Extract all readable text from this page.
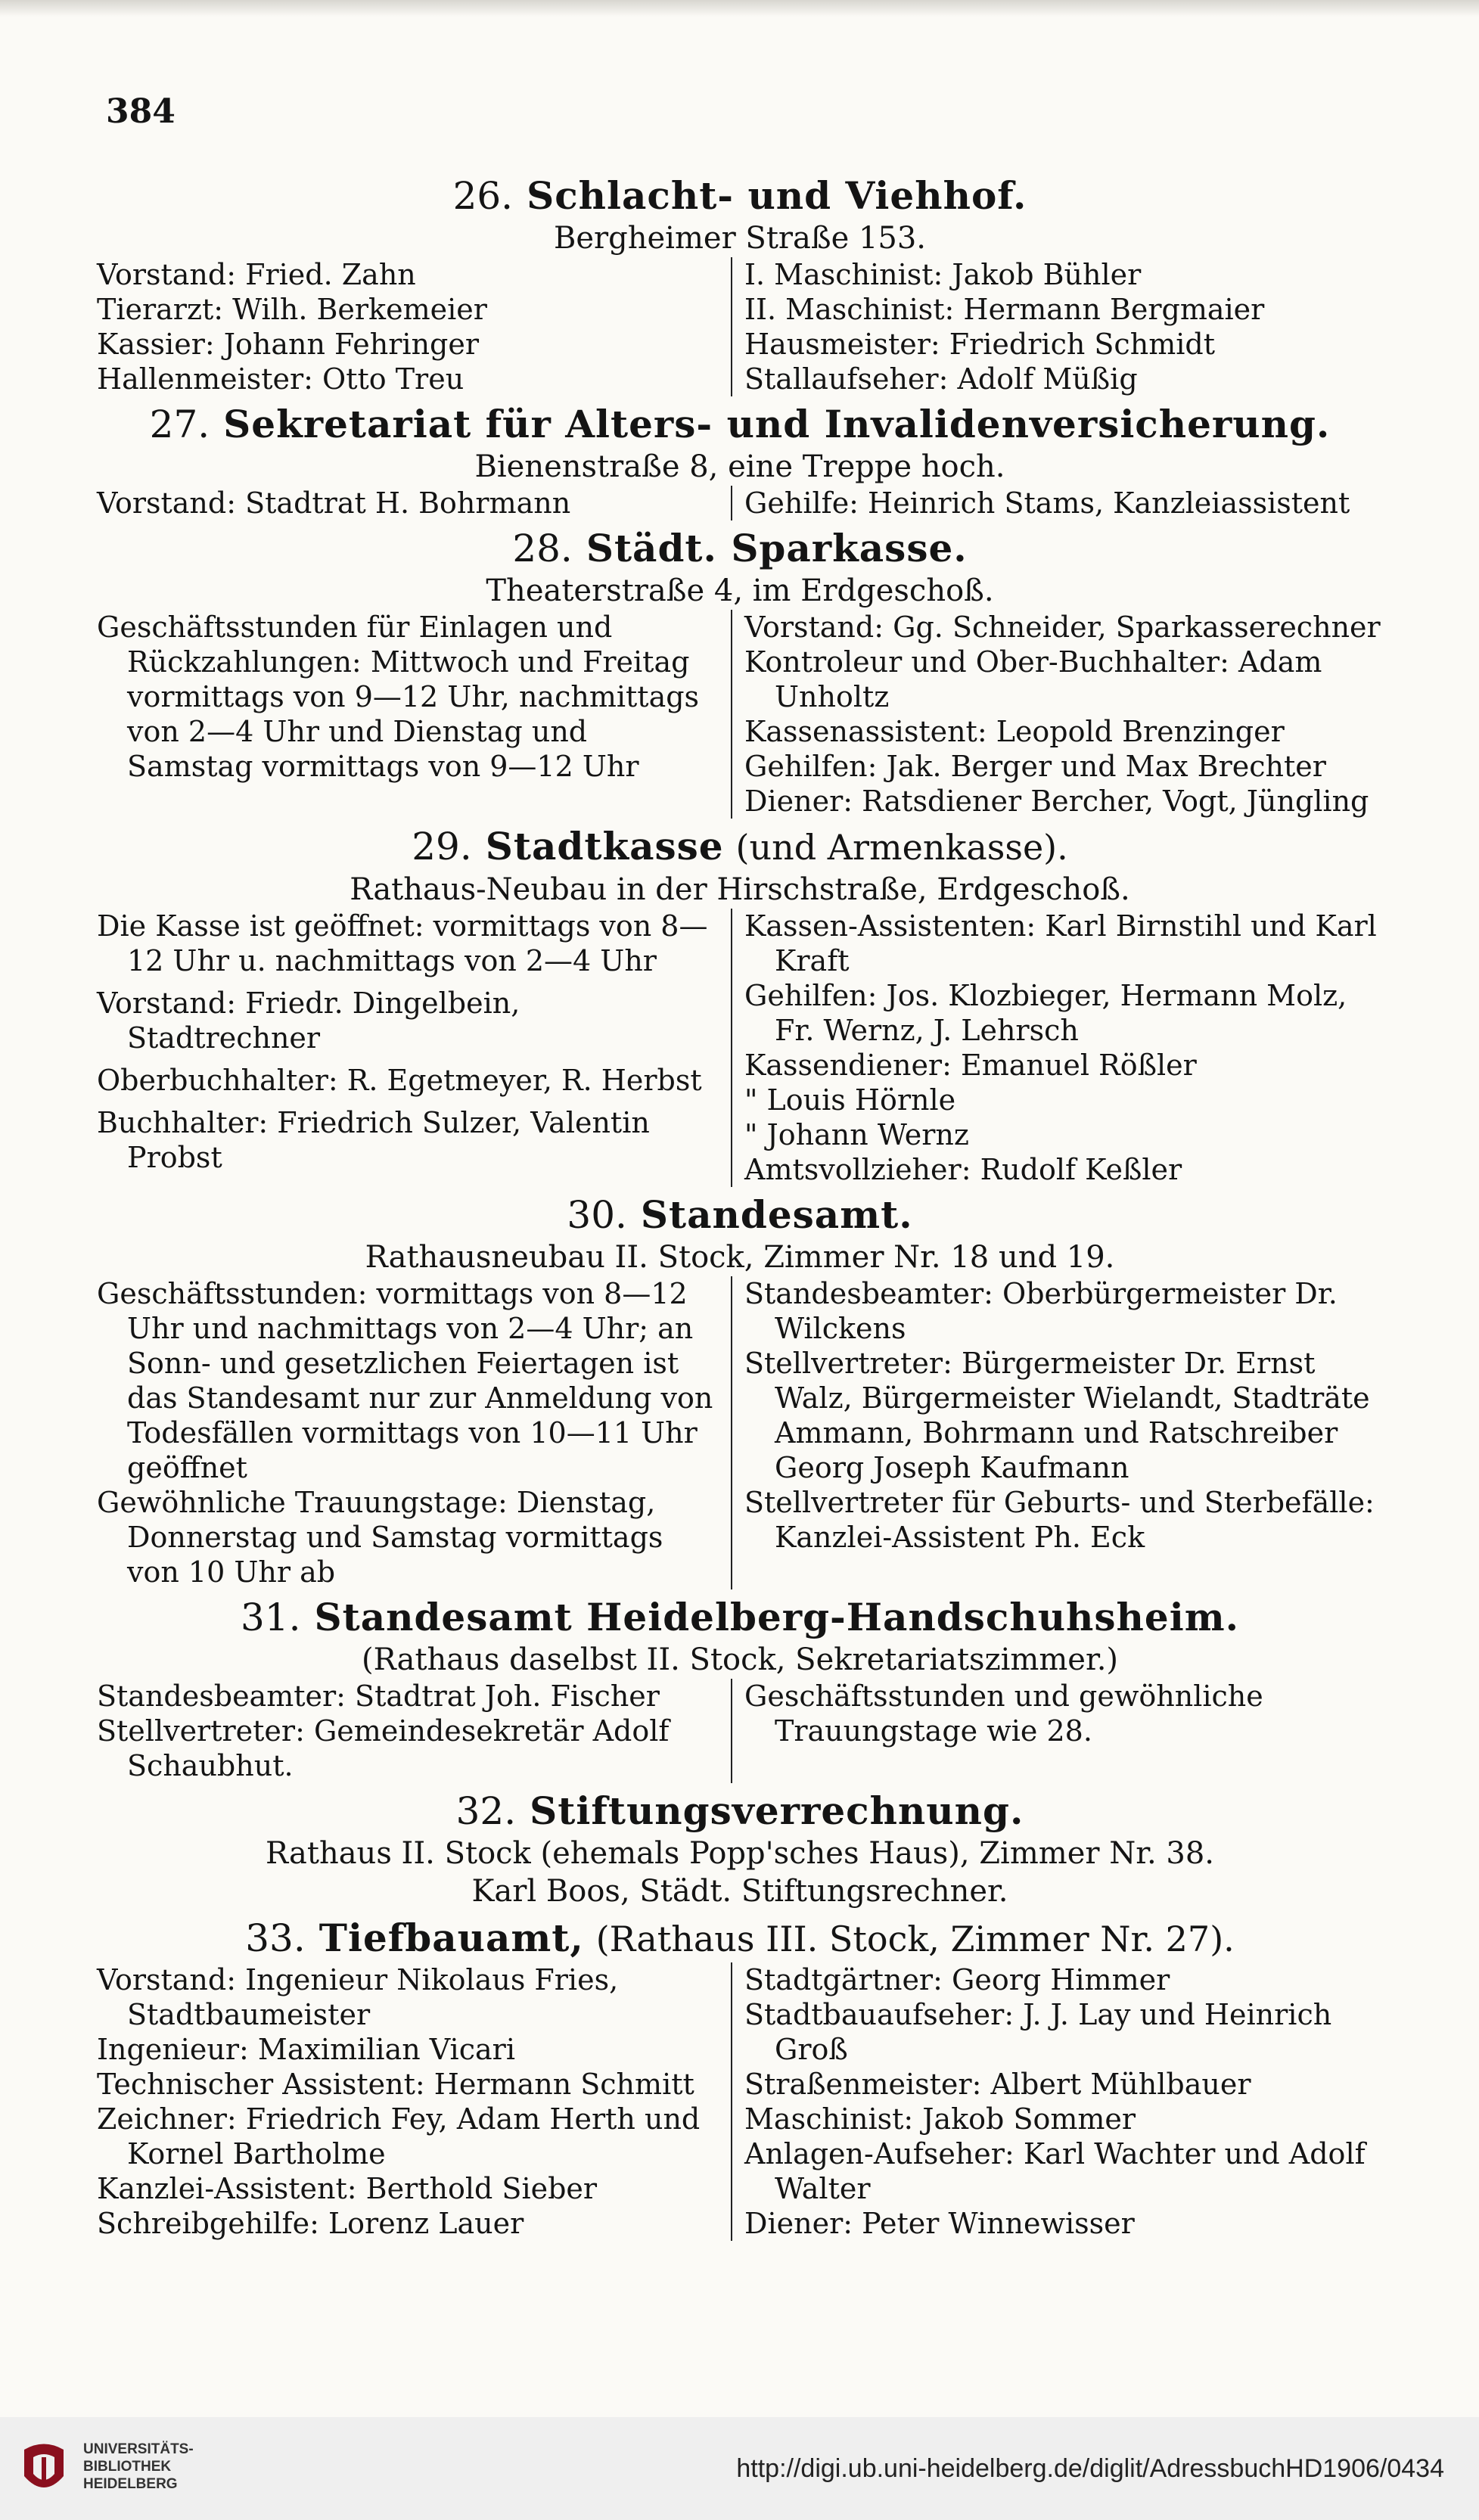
384
26. Schlacht- und Viehhof.
Bergheimer Straße 153.
Vorstand: Fried. Zahn
Tierarzt: Wilh. Berkemeier
Kassier: Johann Fehringer
Hallenmeister: Otto Treu
I. Maschinist: Jakob Bühler
II. Maschinist: Hermann Bergmaier
Hausmeister: Friedrich Schmidt
Stallaufseher: Adolf Müßig
27. Sekretariat für Alters- und Invalidenversicherung.
Bienenstraße 8, eine Treppe hoch.
Vorstand: Stadtrat H. Bohrmann	Gehilfe: Heinrich Stams, Kanzleiassistent
28. Städt. Sparkasse.
Theaterstraße 4, im Erdgeschoß.
Geschäftsstunden für Einlagen und Rückzahlungen: Mittwoch und Freitag vormittags von 9—12 Uhr, nachmittags von 2—4 Uhr und Dienstag und Samstag vormittags von 9—12 Uhr
Vorstand: Gg. Schneider, Sparkasserechner
Kontroleur und Ober-Buchhalter: Adam Unholtz
Kassenassistent: Leopold Brenzinger
Gehilfen: Jak. Berger und Max Brechter
Diener: Ratsdiener Bercher, Vogt, Jüngling
29. Stadtkasse (und Armenkasse).
Rathaus-Neubau in der Hirschstraße, Erdgeschoß.
Die Kasse ist geöffnet: vormittags von 8—12 Uhr u. nachmittags von 2—4 Uhr
Vorstand: Friedr. Dingelbein, Stadtrechner
Oberbuchhalter: R. Egetmeyer, R. Herbst
Buchhalter: Friedrich Sulzer, Valentin Probst
Kassen-Assistenten: Karl Birnstihl und Karl Kraft
Gehilfen: Jos. Klozbieger, Hermann Molz, Fr. Wernz, J. Lehrsch
Kassendiener: Emanuel Rößler
" Louis Hörnle
" Johann Wernz
Amtsvollzieher: Rudolf Keßler
30. Standesamt.
Rathausneubau II. Stock, Zimmer Nr. 18 und 19.
Geschäftsstunden: vormittags von 8—12 Uhr und nachmittags von 2—4 Uhr; an Sonn- und gesetzlichen Feiertagen ist das Standesamt nur zur Anmeldung von Todesfällen vormittags von 10—11 Uhr geöffnet
Gewöhnliche Trauungstage: Dienstag, Donnerstag und Samstag vormittags von 10 Uhr ab
Standesbeamter: Oberbürgermeister Dr. Wilckens
Stellvertreter: Bürgermeister Dr. Ernst Walz, Bürgermeister Wielandt, Stadträte Ammann, Bohrmann und Ratschreiber Georg Joseph Kaufmann
Stellvertreter für Geburts- und Sterbefälle: Kanzlei-Assistent Ph. Eck
31. Standesamt Heidelberg-Handschuhsheim.
(Rathaus daselbst II. Stock, Sekretariatszimmer.)
Standesbeamter: Stadtrat Joh. Fischer
Stellvertreter: Gemeindesekretär Adolf Schaubhut.
Geschäftsstunden und gewöhnliche Trauungstage wie 28.
32. Stiftungsverrechnung.
Rathaus II. Stock (ehemals Popp'sches Haus), Zimmer Nr. 38.
Karl Boos, Städt. Stiftungsrechner.
33. Tiefbauamt, (Rathaus III. Stock, Zimmer Nr. 27).
Vorstand: Ingenieur Nikolaus Fries, Stadtbaumeister
Ingenieur: Maximilian Vicari
Technischer Assistent: Hermann Schmitt
Zeichner: Friedrich Fey, Adam Herth und Kornel Bartholme
Kanzlei-Assistent: Berthold Sieber
Schreibgehilfe: Lorenz Lauer
Stadtgärtner: Georg Himmer
Stadtbauaufseher: J. J. Lay und Heinrich Groß
Straßenmeister: Albert Mühlbauer
Maschinist: Jakob Sommer
Anlagen-Aufseher: Karl Wachter und Adolf Walter
Diener: Peter Winnewisser
UNIVERSITÄTS-
BIBLIOTHEK
HEIDELBERG
http://digi.ub.uni-heidelberg.de/diglit/AdressbuchHD1906/0434
